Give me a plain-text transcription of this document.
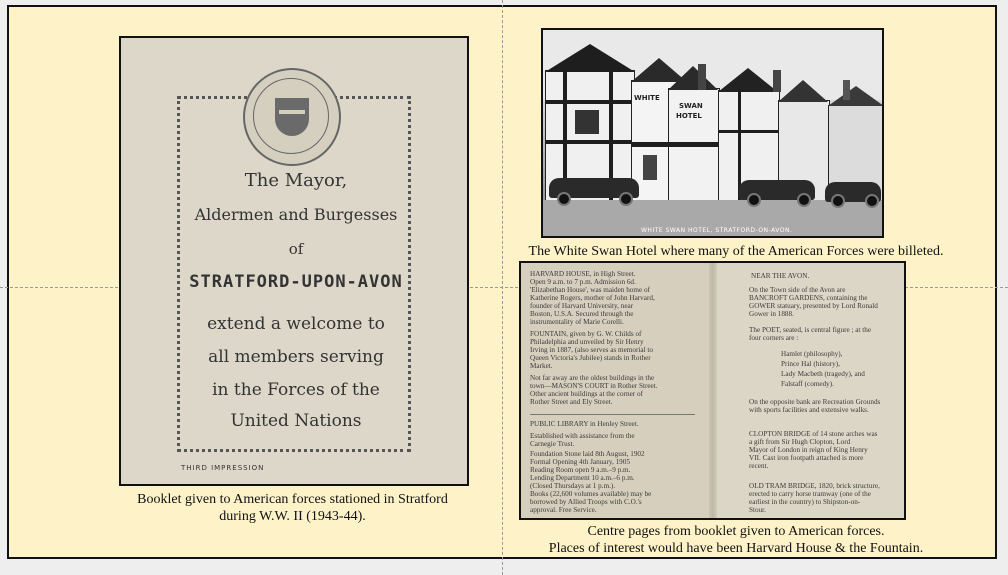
The Mayor,
Aldermen and Burgesses
of
STRATFORD-UPON-AVON
extend a welcome to
all members serving
in the Forces of the
United Nations
THIRD IMPRESSION
Booklet given to American forces stationed in Stratford
during W.W. II (1943-44).
WHITE
SWAN
HOTEL
WHITE SWAN HOTEL, STRATFORD-ON-AVON.
The White Swan Hotel where many of the American Forces were billeted.
HARVARD HOUSE, in High Street.
Open 9 a.m. to 7 p.m. Admission 6d.
'Elizabethan House', was maiden home of
Katherine Rogers, mother of John Harvard,
founder of Harvard University, near
Boston, U.S.A. Secured through the
instrumentality of Marie Corelli.
FOUNTAIN, given by G. W. Childs of
Philadelphia and unveiled by Sir Henry
Irving in 1887, (also serves as memorial to
Queen Victoria's Jubilee) stands in Rother
Market.
Not far away are the oldest buildings in the
town—MASON'S COURT in Rother Street.
Other ancient buildings at the corner of
Rother Street and Ely Street.
PUBLIC LIBRARY in Henley Street.
Established with assistance from the
Carnegie Trust.
Foundation Stone laid 8th August, 1902
Formal Opening 4th January, 1905
Reading Room open 9 a.m.–9 p.m.
Lending Department 10 a.m.–6 p.m.
(Closed Thursdays at 1 p.m.).
Books (22,600 volumes available) may be
borrowed by Allied Troops with C.O.'s
approval. Free Service.
NEAR THE AVON.
On the Town side of the Avon are
BANCROFT GARDENS, containing the
GOWER statuary, presented by Lord Ronald
Gower in 1888.
The POET, seated, is central figure ; at the
four corners are :
Hamlet (philosophy),
Prince Hal (history),
Lady Macbeth (tragedy), and
Falstaff (comedy).
On the opposite bank are Recreation Grounds
with sports facilities and extensive walks.
CLOPTON BRIDGE of 14 stone arches was
a gift from Sir Hugh Clopton, Lord
Mayor of London in reign of King Henry
VII. Cast iron footpath attached is more
recent.
OLD TRAM BRIDGE, 1820, brick structure,
erected to carry horse tramway (one of the
earliest in the country) to Shipston-on-
Stour.
Centre pages from booklet given to American forces.
Places of interest would have been Harvard House & the Fountain.
